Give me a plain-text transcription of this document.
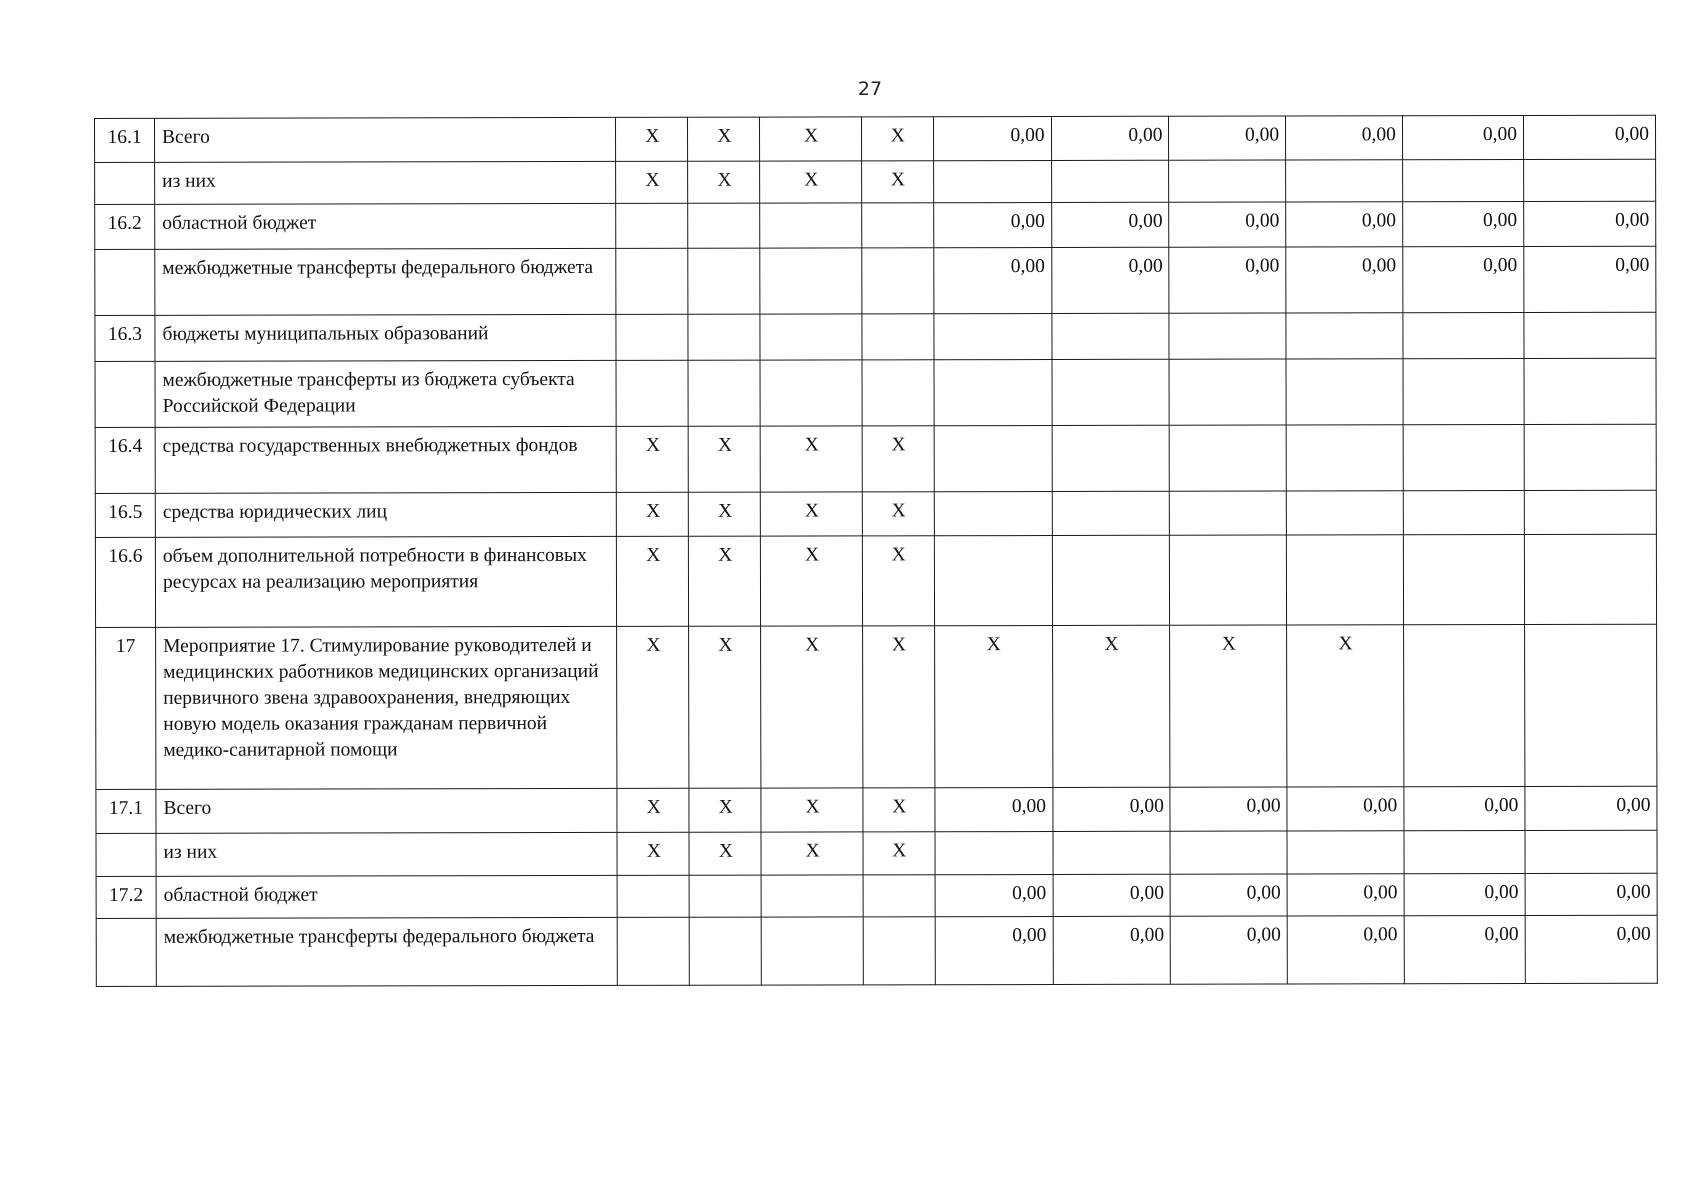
27
16.1	Всего	Х	Х	Х	Х	0,00	0,00	0,00	0,00	0,00	0,00
	из них	Х	Х	Х	Х						
16.2	областной бюджет					0,00	0,00	0,00	0,00	0,00	0,00
	межбюджетные трансферты федерального бюджета					0,00	0,00	0,00	0,00	0,00	0,00
16.3	бюджеты муниципальных образований										
	межбюджетные трансферты из бюджета субъекта Российской Федерации										
16.4	средства государственных внебюджетных фондов	Х	Х	Х	Х						
16.5	средства юридических лиц	Х	Х	Х	Х						
16.6	объем дополнительной потребности в финансовых ресурсах на реализацию мероприятия	Х	Х	Х	Х						
17	Мероприятие 17. Стимулирование руководителей и медицинских работников медицинских организаций первичного звена здравоохранения, внедряющих новую модель оказания гражданам первичной медико-санитарной помощи	Х	Х	Х	Х	Х	Х	Х	Х		
17.1	Всего	Х	Х	Х	Х	0,00	0,00	0,00	0,00	0,00	0,00
	из них	Х	Х	Х	Х						
17.2	областной бюджет					0,00	0,00	0,00	0,00	0,00	0,00
	межбюджетные трансферты федерального бюджета					0,00	0,00	0,00	0,00	0,00	0,00
